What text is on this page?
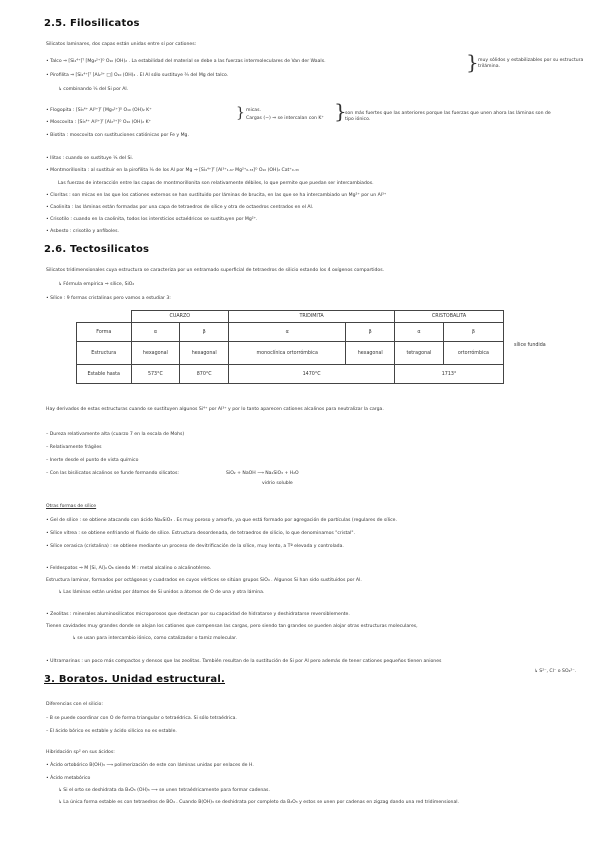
2.5. Filosilicatos
Silicatos laminares, dos capas están unidas entre sí por cationes:
• Talco ⇒ [Si₄⁴⁺]ᵀ [Mg₃²⁺]ᴼ O₁₀ (OH)₂ . La estabilidad del material se debe a las fuerzas intermoleculares de Van der Waals.
• Pirofilita ⇒ [Si₄⁴⁺]ᵀ [Al₂³⁺ □] O₁₀ (OH)₂ . El Al sólo sustituye ²⁄₃ del Mg del talco.
↳ combinando ¹⁄₄ del Si por Al.
} muy sólidos y estabilizables por su estructura trilámina.
• Flogopita : [Si₃⁴⁺ Al³⁺]ᵀ [Mg₃²⁺]ᴼ O₁₀ (OH)₂ K⁺
• Moscovita : [Si₃⁴⁺ Al³⁺]ᵀ [Al₂³⁺]ᴼ O₁₀ (OH)₂ K⁺
} micas.
Cargas (−) ⇒ se intercalan con K⁺ }
son más fuertes que las anteriores porque las fuerzas que unen ahora las láminas son de tipo iónico.
• Biotita : moscovita con sustituciones catiónicas por Fe y Mg.
• Ilitas : cuando se sustituye ¹⁄₆ del Si.
• Montmorillonita : al sustituir en la pirofilita ¹⁄₆ de los Al por Mg ⇒ [Si₄⁴⁺]ᵀ [Al³⁺₁.₆₇ Mg²⁺₀.₃₃]ᴼ O₁₀ (OH)₂ Cat⁺₀.₃₃
Las fuerzas de interacción entre las capas de montmorillonita son relativamente débiles, lo que permite que puedan ser intercambiados.
• Cloritas : son micas en las que los cationes externos se han sustituido por láminas de brucita, en las que se ha intercambiado un Mg²⁺ por un Al³⁺
• Caolinita : las láminas están formadas por una capa de tetraedros de sílice y otra de octaedros centrados en el Al.
• Crisotilo : cuando en la caolinita, todos los intersticios octaédricos se sustituyen por Mg²⁺.
• Asbesto : crisotilo y anfíboles.
2.6. Tectosilicatos
Silicatos tridimensionales cuya estructura se caracteriza por un entramado superficial de tetraedros de silicio estando los 4 oxígenos compartidos.
↳ Fórmula empírica ⇒ sílice, SiO₂
• Sílice : 9 formas cristalinas pero vamos a estudiar 3:
	CUARZO		TRIDIMITA		CRISTOBALITA	
Forma	α	β	α	β	α	β
Estructura	hexagonal	hexagonal	monoclínica ortorrómbica	hexagonal	tetragonal	ortorrómbica
Estable hasta	573°C	870°C	1470°C		1713°	
sílice fundida
Hay derivados de estas estructuras cuando se sustituyen algunos Si⁴⁺ por Al³⁺ y por lo tanto aparecen cationes alcalinos para neutralizar la carga.
– Dureza relativamente alta (cuarzo 7 en la escala de Mohs)
– Relativamente frágiles
– Inerte desde el punto de vista químico
– Con las bisilicatos alcalinos se funde formando silicatos:	SiO₂ + NaOH ⟶ Na₂SiO₃ + H₂O
vidrio soluble
Otras formas de sílice
• Gel de sílice : se obtiene atacando con ácido Na₂SiO₃ . Es muy poroso y amorfo, ya que está formado por agregación de partículas (regulares de sílice.
• Sílice vítrea : se obtiene enfriando el fluido de sílice. Estructura desordenada, de tetraedros de silicio, lo que denominamos "cristal".
• Sílice cerasica (cristalina) : se obtiene mediante un proceso de devitrificación de la sílice, muy lento, a Tª elevada y controlada.
• Feldespatos ⇒ M [Si, Al]₄ O₈ siendo M : metal alcalino o alcalinotérreo.
Estructura laminar, formados por octágonos y cuadrados en cuyos vértices se sitúan grupos SiO₄ . Algunos Si han sido sustituidos por Al.
↳ Las láminas están unidas por átomos de Si unidos a átomos de O de una y otra lámina.
• Zeolitas : minerales aluminosilicatos microporosos que destacan por su capacidad de hidratarse y deshidratarse reversiblemente.
Tienen cavidades muy grandes donde se alojan los cationes que compensan las cargas, pero siendo tan grandes se pueden alojar otras estructuras moleculares,
↳ se usan para intercambio iónico, como catalizador o tamiz molecular.
• Ultramarinas : un poco más compactos y densos que las zeolitas. También resultan de la sustitución de Si por Al pero además de tener cationes pequeños tienen aniones
↳ S²⁻, Cl⁻ o SO₄²⁻.
3. Boratos. Unidad estructural.
Diferencias con el silicio:
– B se puede coordinar con O de forma triangular o tetraédrica. Si sólo tetraédrica.
– El ácido bórico es estable y ácido silícico no es estable.
Hibridación sp² en sus ácidos:
• Ácido ortobórico B(OH)₃ ⟶ polimerización de este con láminas unidas por enlaces de H.
• Ácido metabórico
↳ Si el orto se deshidrata da B₃O₃ (OH)₃ ⟶ se unen tetraédricamente para formar cadenas.
↳ La única forma estable es con tetraedros de BO₄ . Cuando B(OH)₃ se deshidrata por completo da B₂O₃ y estos se unen por cadenas en zigzag dando una red tridimensional.
